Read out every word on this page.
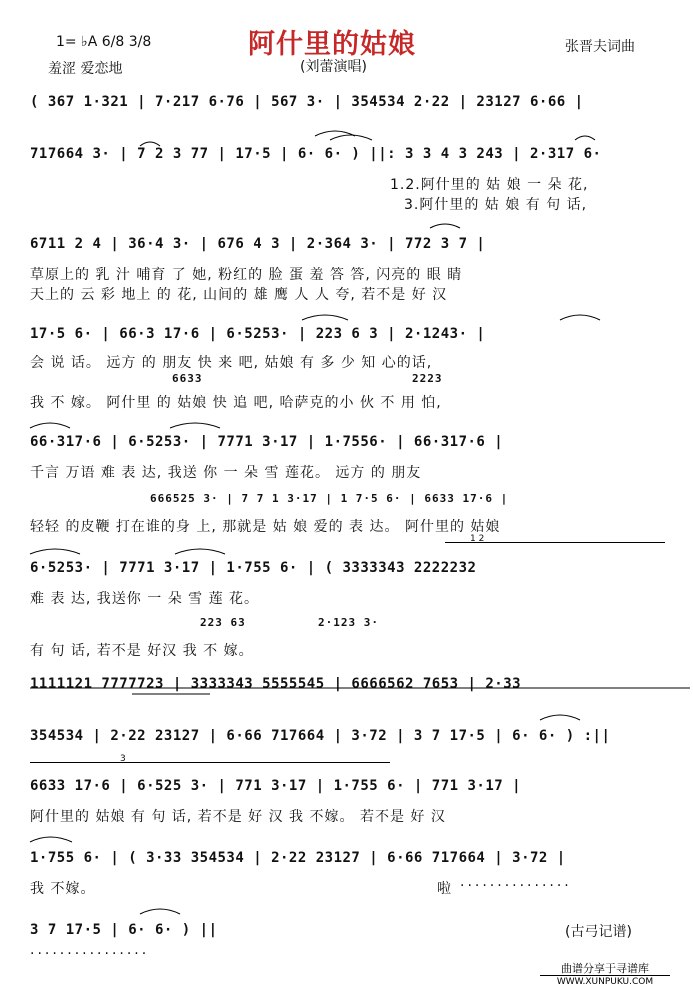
阿什里的姑娘
1= ♭A 6/8 3/8
羞涩 爱恋地	(刘蕾演唱)
张晋夫词曲
( 367 1·321 | 7·217 6·76 | 567 3· | 354534 2·22 | 23127 6·66 |
717664 3· | 7 2 3 77 | 17·5 | 6· 6· ) ||: 3 3 4 3 243 | 2·317 6·
1.2.阿什里的 姑 娘 一 朵 花,
3.阿什里的 姑 娘 有 句 话,
6711 2 4 | 36·4 3· | 676 4 3 | 2·364 3· | 772 3 7 |
草原上的 乳 汁 哺育 了 她, 粉红的 脸 蛋 羞 答 答, 闪亮的 眼 睛
天上的 云 彩 地上 的 花, 山间的 雄 鹰 人 人 夸, 若不是 好 汉
17·5 6· | 66·3 17·6 | 6·5253· | 223 6 3 | 2·1243· |
会 说 话。 远方 的 朋友 快 来 吧, 姑娘 有 多 少 知 心的话,
6633	2223
我 不 嫁。 阿什里 的 姑娘 快 追 吧, 哈萨克的小 伙 不 用 怕,
66·317·6 | 6·5253· | 7771 3·17 | 1·7556· | 66·317·6 |
千言 万语 难 表 达, 我送 你 一 朵 雪 莲花。 远方 的 朋友
666525 3· | 7 7 1 3·17 | 1 7·5 6· | 6633 17·6 |
轻轻 的皮鞭 打在谁的身 上, 那就是 姑 娘 爱的 表 达。 阿什里的 姑娘
1 2
6·5253· | 7771 3·17 | 1·755 6· | ( 3333343 2222232
难 表 达, 我送你 一 朵 雪 莲 花。
223 63	2·123 3·
有 句 话, 若不是 好汉 我 不 嫁。
1111121 7777723 | 3333343 5555545 | 6666562 7653 | 2·33
354534 | 2·22 23127 | 6·66 717664 | 3·72 | 3 7 17·5 | 6· 6· ) :||
3
6633 17·6 | 6·525 3· | 771 3·17 | 1·755 6· | 771 3·17 |
阿什里的 姑娘 有 句 话, 若不是 好 汉 我 不嫁。 若不是 好 汉
1·755 6· | ( 3·33 354534 | 2·22 23127 | 6·66 717664 | 3·72 |
我 不嫁。	啦 ···············
3 7 17·5 | 6· 6· ) ||
················
(古弓记谱)
曲谱分享于寻谱库
WWW.XUNPUKU.COM
